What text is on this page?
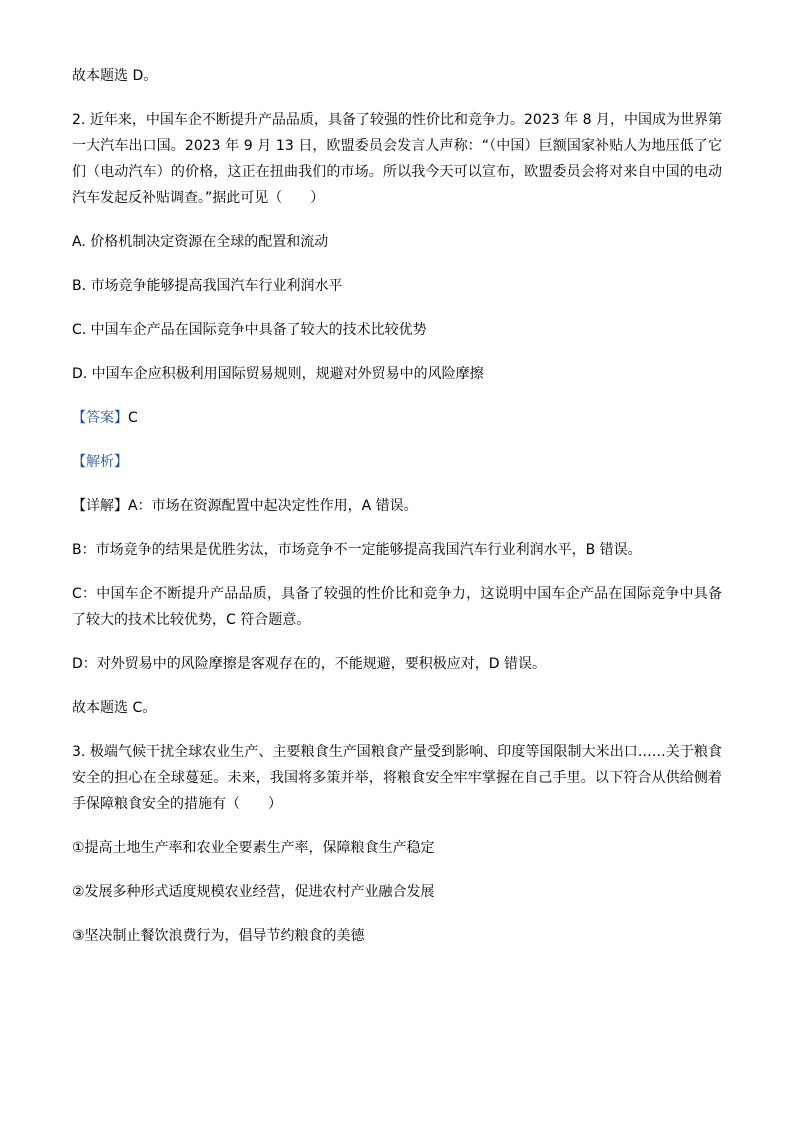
故本题选 D。

2. 近年来，中国车企不断提升产品品质，具备了较强的性价比和竞争力。2023 年 8 月，中国成为世界第一大汽车出口国。2023 年 9 月 13 日，欧盟委员会发言人声称：“（中国）巨额国家补贴人为地压低了它们（电动汽车）的价格，这正在扭曲我们的市场。所以我今天可以宣布，欧盟委员会将对来自中国的电动汽车发起反补贴调查。”据此可见（　　）

A. 价格机制决定资源在全球的配置和流动

B. 市场竞争能够提高我国汽车行业利润水平

C. 中国车企产品在国际竞争中具备了较大的技术比较优势

D. 中国车企应积极利用国际贸易规则，规避对外贸易中的风险摩擦

【答案】C

【解析】

【详解】A：市场在资源配置中起决定性作用，A 错误。

B：市场竞争的结果是优胜劣汰，市场竞争不一定能够提高我国汽车行业利润水平，B 错误。

C：中国车企不断提升产品品质，具备了较强的性价比和竞争力，这说明中国车企产品在国际竞争中具备了较大的技术比较优势，C 符合题意。

D：对外贸易中的风险摩擦是客观存在的，不能规避，要积极应对，D 错误。

故本题选 C。

3. 极端气候干扰全球农业生产、主要粮食生产国粮食产量受到影响、印度等国限制大米出口……关于粮食安全的担心在全球蔓延。未来，我国将多策并举，将粮食安全牢牢掌握在自己手里。以下符合从供给侧着手保障粮食安全的措施有（　　）

①提高土地生产率和农业全要素生产率，保障粮食生产稳定

②发展多种形式适度规模农业经营，促进农村产业融合发展

③坚决制止餐饮浪费行为，倡导节约粮食的美德
